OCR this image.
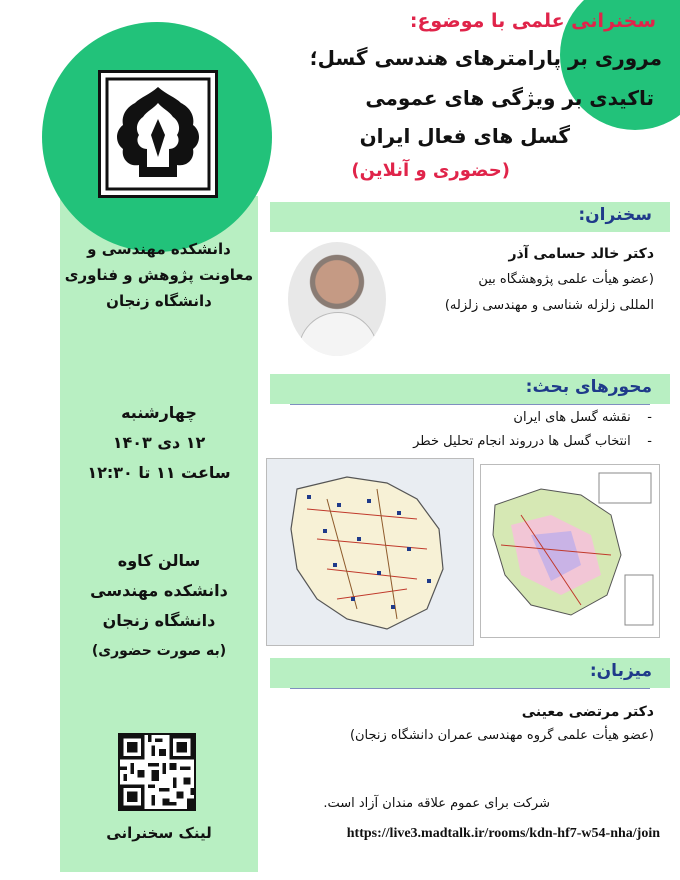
سخنرانی علمی با موضوع:
مروری بر پارامترهای هندسی گسل؛
تاکیدی بر ویژگی های عمومی
گسل های فعال ایران
(حضوری و آنلاین)
دانشکده مهندسی و
معاونت پژوهش و فناوری
دانشگاه زنجان
چهارشنبه
۱۲ دی ۱۴۰۳
ساعت ۱۱ تا ۱۲:۳۰
سالن کاوه
دانشکده مهندسی
دانشگاه زنجان
(به صورت حضوری)
لینک سخنرانی
سخنران:
دکتر خالد حسامی آذر
(عضو هیأت علمی پژوهشگاه بین
المللی زلزله شناسی و مهندسی زلزله)
محورهای بحث:
-    نقشه گسل های ایران
-    انتخاب گسل ها درروند انجام تحلیل خطر
میزبان:
دکتر مرتضی معینی
(عضو هیأت علمی گروه مهندسی عمران دانشگاه زنجان)
شرکت برای عموم علاقه مندان آزاد است.
https://live3.madtalk.ir/rooms/kdn-hf7-w54-nha/join
